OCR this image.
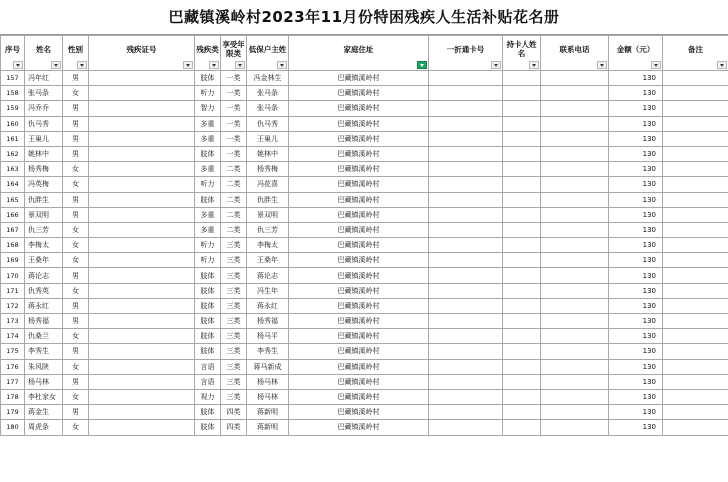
巴藏镇溪岭村2023年11月份特困残疾人生活补贴花名册
序号	姓名	性别	残疾证号	残疾类	享受年限类	低保户主姓	家庭住址	一折通卡号	持卡人姓名	联系电话	金额（元）	备注

157	冯年红	男		肢体	一类	冯金林生	巴藏镇溪岭村				130	
158	张马条	女		听力	一类	张马条	巴藏镇溪岭村				130	
159	冯乔乔	男		智力	一类	张马条	巴藏镇溪岭村				130	
160	仇马秀	男		多重	一类	仇马秀	巴藏镇溪岭村				130	
161	王巢儿	男		多重	一类	王巢儿	巴藏镇溪岭村				130	
162	姚林中	男		肢体	一类	姚林中	巴藏镇溪岭村				130	
163	杨秀梅	女		多重	二类	杨秀梅	巴藏镇溪岭村				130	
164	冯英梅	女		听力	二类	冯花喜	巴藏镇溪岭村				130	
165	仇胖生	男		肢体	二类	仇胖生	巴藏镇溪岭村				130	
166	景双明	男		多重	二类	景双明	巴藏镇溪岭村				130	
167	仇三芳	女		多重	二类	仇三芳	巴藏镇溪岭村				130	
168	李梅太	女		听力	三类	李梅太	巴藏镇溪岭村				130	
169	王桑年	女		听力	三类	王桑年	巴藏镇溪岭村				130	
170	蒋论志	男		肢体	三类	蒋论志	巴藏镇溪岭村				130	
171	仇秀英	女		肢体	三类	冯生年	巴藏镇溪岭村				130	
172	蒋永红	男		肢体	三类	蒋永红	巴藏镇溪岭村				130	
173	杨秀福	男		肢体	三类	杨秀福	巴藏镇溪岭村				130	
174	仇桑兰	女		肢体	三类	杨马平	巴藏镇溪岭村				130	
175	李秀生	男		肢体	三类	李秀生	巴藏镇溪岭村				130	
176	朱风陕	女		言语	三类	蒋马新成	巴藏镇溪岭村				130	
177	杨马林	男		言语	三类	杨马林	巴藏镇溪岭村				130	
178	李杜家女	女		视力	三类	杨马林	巴藏镇溪岭村				130	
179	蒋金生	男		肢体	四类	蒋新明	巴藏镇溪岭村				130	
180	周虎条	女		肢体	四类	蒋新明	巴藏镇溪岭村				130	
